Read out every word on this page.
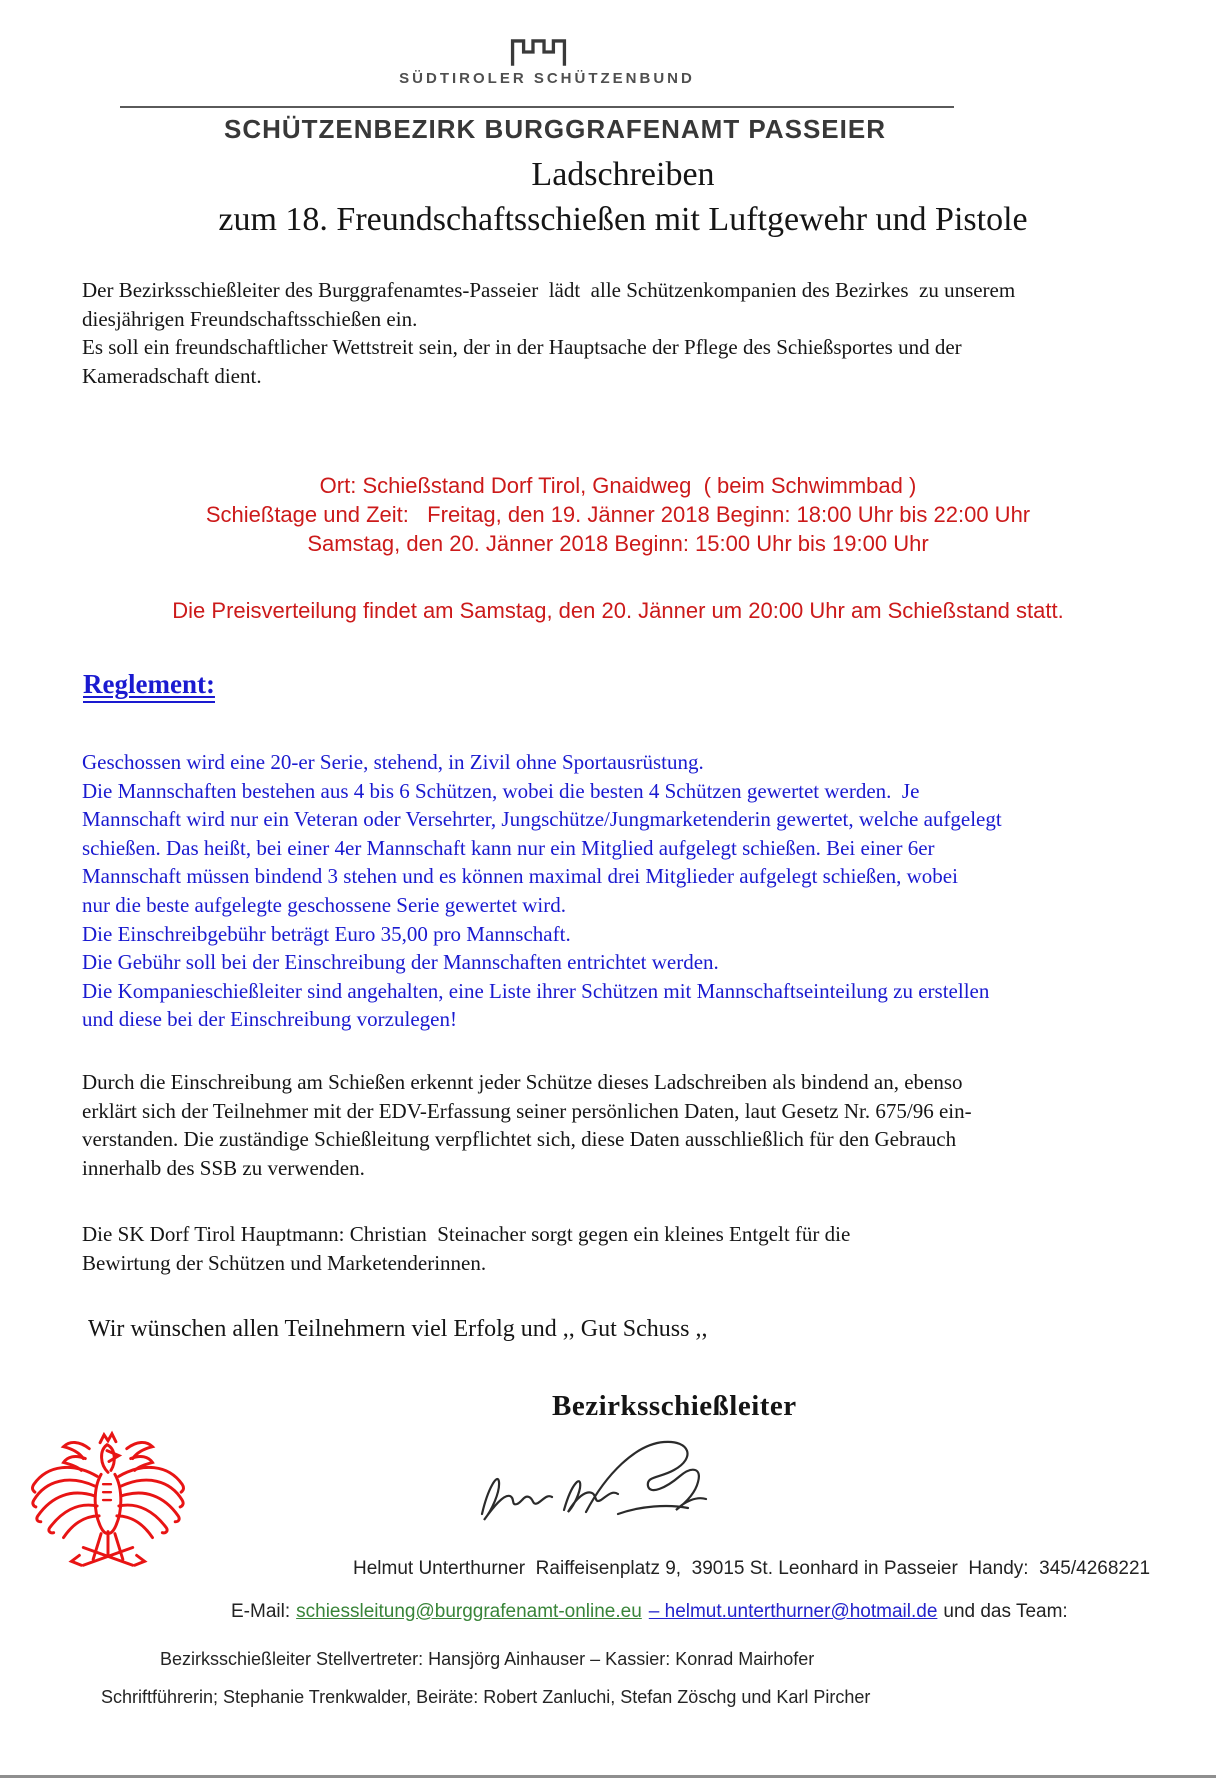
SÜDTIROLER SCHÜTZENBUND
SCHÜTZENBEZIRK BURGGRAFENAMT PASSEIER
Ladschreiben
zum 18. Freundschaftsschießen mit Luftgewehr und Pistole
Der Bezirksschießleiter des Burggrafenamtes-Passeier  lädt  alle Schützenkompanien des Bezirkes  zu unserem
diesjährigen Freundschaftsschießen ein.
Es soll ein freundschaftlicher Wettstreit sein, der in der Hauptsache der Pflege des Schießsportes und der
Kameradschaft dient.
Ort: Schießstand Dorf Tirol, Gnaidweg  ( beim Schwimmbad )
Schießtage und Zeit:   Freitag, den 19. Jänner 2018 Beginn: 18:00 Uhr bis 22:00 Uhr
Samstag, den 20. Jänner 2018 Beginn: 15:00 Uhr bis 19:00 Uhr
Die Preisverteilung findet am Samstag, den 20. Jänner um 20:00 Uhr am Schießstand statt.
Reglement:
Geschossen wird eine 20-er Serie, stehend, in Zivil ohne Sportausrüstung.
Die Mannschaften bestehen aus 4 bis 6 Schützen, wobei die besten 4 Schützen gewertet werden.  Je
Mannschaft wird nur ein Veteran oder Versehrter, Jungschütze/Jungmarketenderin gewertet, welche aufgelegt
schießen. Das heißt, bei einer 4er Mannschaft kann nur ein Mitglied aufgelegt schießen. Bei einer 6er
Mannschaft müssen bindend 3 stehen und es können maximal drei Mitglieder aufgelegt schießen, wobei
nur die beste aufgelegte geschossene Serie gewertet wird.
Die Einschreibgebühr beträgt Euro 35,00 pro Mannschaft.
Die Gebühr soll bei der Einschreibung der Mannschaften entrichtet werden.
Die Kompanieschießleiter sind angehalten, eine Liste ihrer Schützen mit Mannschaftseinteilung zu erstellen
und diese bei der Einschreibung vorzulegen!
Durch die Einschreibung am Schießen erkennt jeder Schütze dieses Ladschreiben als bindend an, ebenso
erklärt sich der Teilnehmer mit der EDV-Erfassung seiner persönlichen Daten, laut Gesetz Nr. 675/96 ein-
verstanden. Die zuständige Schießleitung verpflichtet sich, diese Daten ausschließlich für den Gebrauch
innerhalb des SSB zu verwenden.
Die SK Dorf Tirol Hauptmann: Christian  Steinacher sorgt gegen ein kleines Entgelt für die
Bewirtung der Schützen und Marketenderinnen.
Wir wünschen allen Teilnehmern viel Erfolg und ,, Gut Schuss ,,
Bezirksschießleiter
Helmut Unterthurner  Raiffeisenplatz 9,  39015 St. Leonhard in Passeier  Handy:  345/4268221
E-Mail: schiessleitung@burggrafenamt-online.eu – helmut.unterthurner@hotmail.de und das Team:
Bezirksschießleiter Stellvertreter: Hansjörg Ainhauser – Kassier: Konrad Mairhofer
Schriftführerin; Stephanie Trenkwalder, Beiräte: Robert Zanluchi, Stefan Zöschg und Karl Pircher
